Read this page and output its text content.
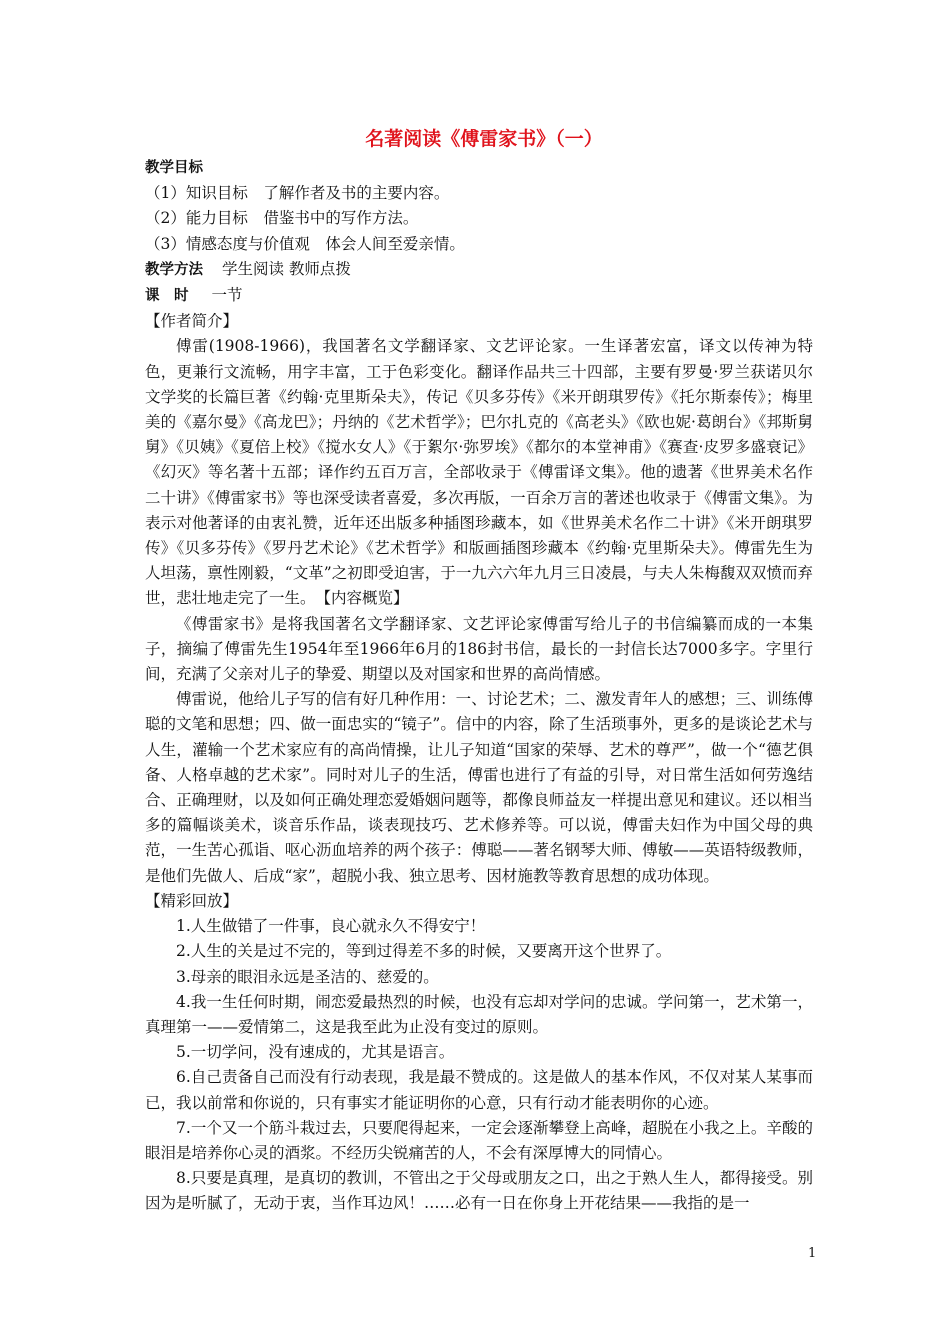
名著阅读《傅雷家书》（一）

教学目标

（1）知识目标　了解作者及书的主要内容。

（2）能力目标　借鉴书中的写作方法。

（3）情感态度与价值观　体会人间至爱亲情。

教学方法 学生阅读 教师点拨

课　时 一节

【作者简介】

傅雷(1908-1966)，我国著名文学翻译家、文艺评论家。一生译著宏富，译文以传神为特色，更兼行文流畅，用字丰富，工于色彩变化。翻译作品共三十四部，主要有罗曼·罗兰获诺贝尔文学奖的长篇巨著《约翰·克里斯朵夫》，传记《贝多芬传》《米开朗琪罗传》《托尔斯泰传》；梅里美的《嘉尔曼》《高龙巴》；丹纳的《艺术哲学》；巴尔扎克的《高老头》《欧也妮·葛朗台》《邦斯舅舅》《贝姨》《夏倍上校》《搅水女人》《于絮尔·弥罗埃》《都尔的本堂神甫》《赛查·皮罗多盛衰记》《幻灭》等名著十五部；译作约五百万言，全部收录于《傅雷译文集》。他的遗著《世界美术名作二十讲》《傅雷家书》等也深受读者喜爱，多次再版，一百余万言的著述也收录于《傅雷文集》。为表示对他著译的由衷礼赞，近年还出版多种插图珍藏本，如《世界美术名作二十讲》《米开朗琪罗传》《贝多芬传》《罗丹艺术论》《艺术哲学》和版画插图珍藏本《约翰·克里斯朵夫》。傅雷先生为人坦荡，禀性刚毅，“文革”之初即受迫害，于一九六六年九月三日凌晨，与夫人朱梅馥双双愤而弃世，悲壮地走完了一生。　 【内容概览】

《傅雷家书》是将我国著名文学翻译家、文艺评论家傅雷写给儿子的书信编纂而成的一本集子，摘编了傅雷先生1954年至1966年6月的186封书信，最长的一封信长达7000多字。字里行间，充满了父亲对儿子的挚爱、期望以及对国家和世界的高尚情感。

傅雷说，他给儿子写的信有好几种作用：一、讨论艺术；二、激发青年人的感想；三、训练傅聪的文笔和思想；四、做一面忠实的“镜子”。信中的内容，除了生活琐事外，更多的是谈论艺术与人生，灌输一个艺术家应有的高尚情操，让儿子知道“国家的荣辱、艺术的尊严”，做一个“德艺俱备、人格卓越的艺术家”。同时对儿子的生活，傅雷也进行了有益的引导，对日常生活如何劳逸结合、正确理财，以及如何正确处理恋爱婚姻问题等，都像良师益友一样提出意见和建议。还以相当多的篇幅谈美术，谈音乐作品，谈表现技巧、艺术修养等。可以说，傅雷夫妇作为中国父母的典范，一生苦心孤诣、呕心沥血培养的两个孩子：傅聪——著名钢琴大师、傅敏——英语特级教师，是他们先做人、后成“家”，超脱小我、独立思考、因材施教等教育思想的成功体现。

【精彩回放】

1.人生做错了一件事，良心就永久不得安宁！

2.人生的关是过不完的，等到过得差不多的时候，又要离开这个世界了。

3.母亲的眼泪永远是圣洁的、慈爱的。

4.我一生任何时期，闹恋爱最热烈的时候，也没有忘却对学问的忠诚。学问第一，艺术第一，真理第一——爱情第二，这是我至此为止没有变过的原则。

5.一切学问，没有速成的，尤其是语言。

6.自己责备自己而没有行动表现，我是最不赞成的。这是做人的基本作风，不仅对某人某事而已，我以前常和你说的，只有事实才能证明你的心意，只有行动才能表明你的心迹。

7.一个又一个筋斗栽过去，只要爬得起来，一定会逐渐攀登上高峰，超脱在小我之上。辛酸的眼泪是培养你心灵的酒浆。不经历尖锐痛苦的人，不会有深厚博大的同情心。

8.只要是真理，是真切的教训，不管出之于父母或朋友之口，出之于熟人生人，都得接受。别因为是听腻了，无动于衷，当作耳边风！……必有一日在你身上开花结果——我指的是一

1
